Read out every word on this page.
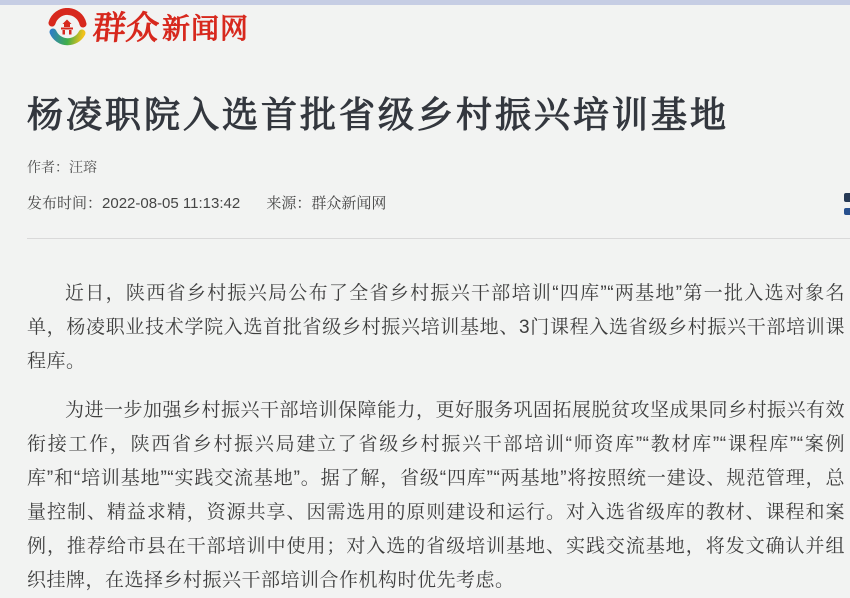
群众 新闻网
杨凌职院入选首批省级乡村振兴培训基地
作者：汪瑢
发布时间：2022-08-05 11:13:42 来源：群众新闻网

近日，陕西省乡村振兴局公布了全省乡村振兴干部培训“四库”“两基地”第一批入选对象名单，杨凌职业技术学院入选首批省级乡村振兴培训基地、3门课程入选省级乡村振兴干部培训课程库。

为进一步加强乡村振兴干部培训保障能力，更好服务巩固拓展脱贫攻坚成果同乡村振兴有效衔接工作，陕西省乡村振兴局建立了省级乡村振兴干部培训“师资库”“教材库”“课程库”“案例库”和“培训基地”“实践交流基地”。据了解，省级“四库”“两基地”将按照统一建设、规范管理，总量控制、精益求精，资源共享、因需选用的原则建设和运行。对入选省级库的教材、课程和案例，推荐给市县在干部培训中使用；对入选的省级培训基地、实践交流基地，将发文确认并组织挂牌，在选择乡村振兴干部培训合作机构时优先考虑。
